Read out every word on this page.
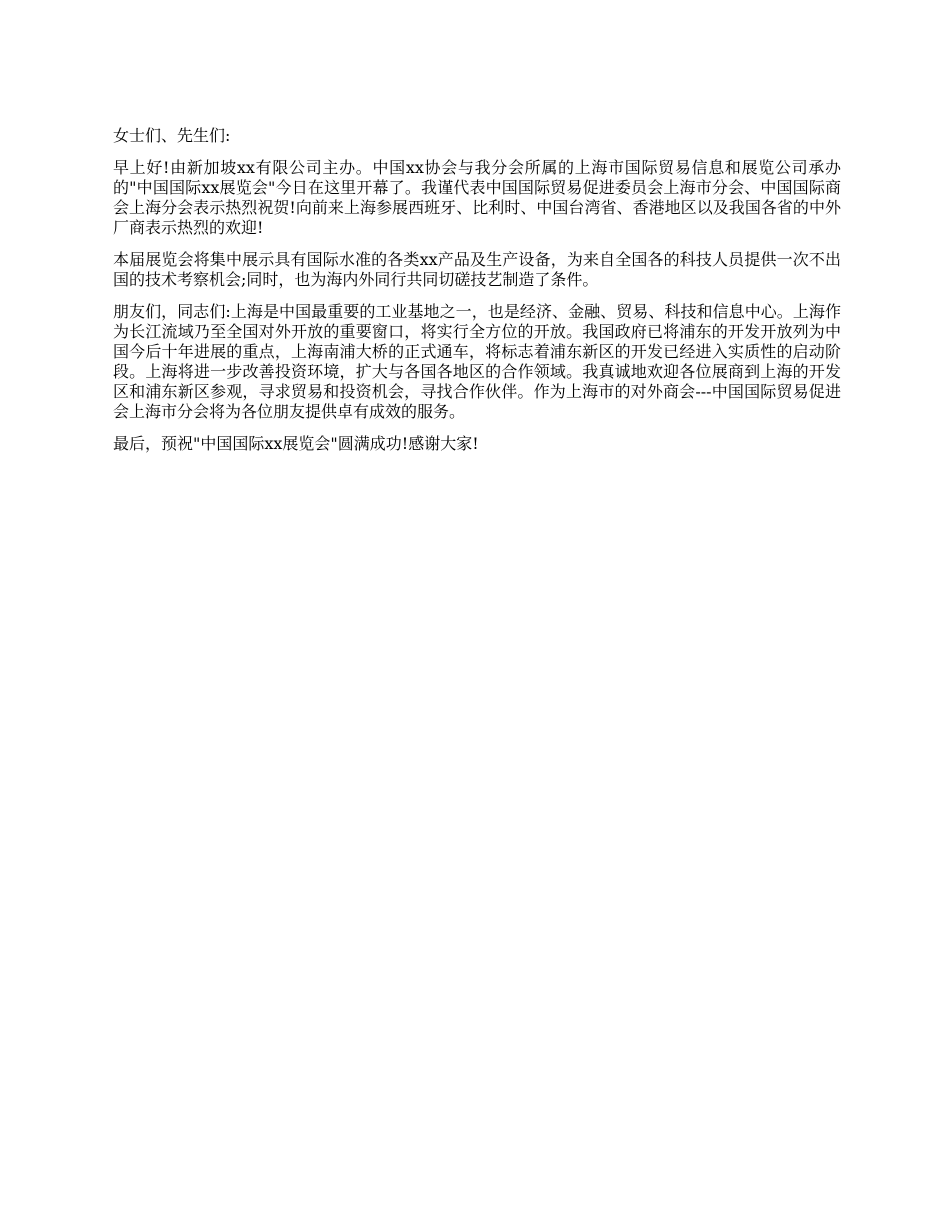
女士们、先生们:

早上好!由新加坡xx有限公司主办。中国xx协会与我分会所属的上海市国际贸易信息和展览公司承办的"中国国际xx展览会"今日在这里开幕了。我谨代表中国国际贸易促进委员会上海市分会、中国国际商会上海分会表示热烈祝贺!向前来上海参展西班牙、比利时、中国台湾省、香港地区以及我国各省的中外厂商表示热烈的欢迎!

本届展览会将集中展示具有国际水准的各类xx产品及生产设备，为来自全国各的科技人员提供一次不出国的技术考察机会;同时，也为海内外同行共同切磋技艺制造了条件。

朋友们，同志们:上海是中国最重要的工业基地之一，也是经济、金融、贸易、科技和信息中心。上海作为长江流域乃至全国对外开放的重要窗口，将实行全方位的开放。我国政府已将浦东的开发开放列为中国今后十年进展的重点，上海南浦大桥的正式通车，将标志着浦东新区的开发已经进入实质性的启动阶段。上海将进一步改善投资环境，扩大与各国各地区的合作领域。我真诚地欢迎各位展商到上海的开发区和浦东新区参观，寻求贸易和投资机会，寻找合作伙伴。作为上海市的对外商会---中国国际贸易促进会上海市分会将为各位朋友提供卓有成效的服务。

最后，预祝"中国国际xx展览会"圆满成功!感谢大家!
